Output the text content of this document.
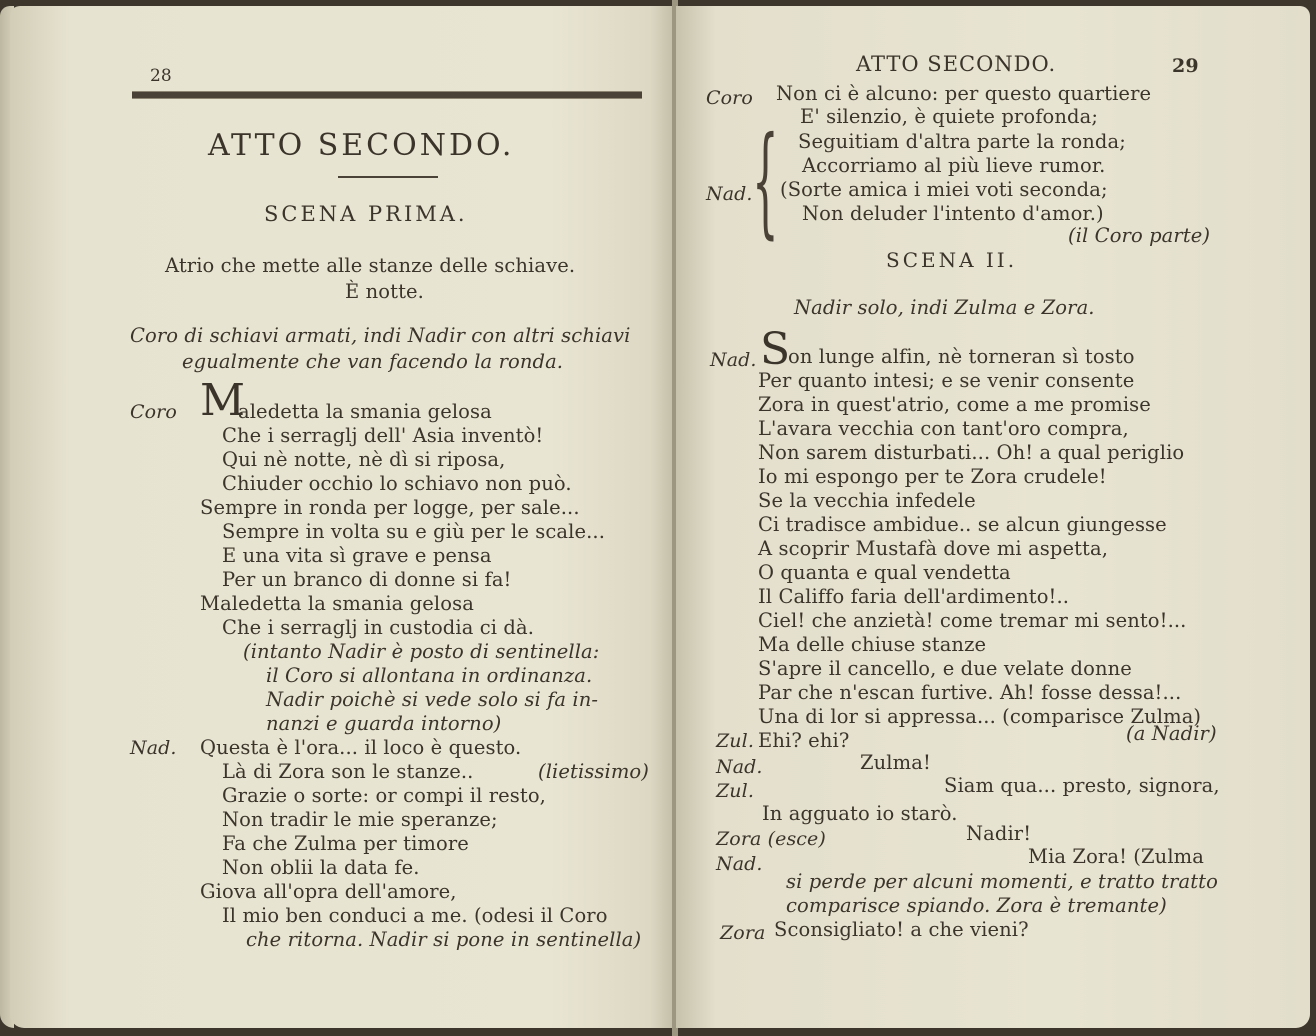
28
ATTO SECONDO.
SCENA PRIMA.
Atrio che mette alle stanze delle schiave.
È notte.
Coro di schiavi armati, indi Nadir con altri schiavi
egualmente che van facendo la ronda.
Coro M
aledetta la smania gelosa
Che i serraglj dell' Asia inventò!
Qui nè notte, nè dì si riposa,
Chiuder occhio lo schiavo non può.
Sempre in ronda per logge, per sale...
Sempre in volta su e giù per le scale...
E una vita sì grave e pensa
Per un branco di donne si fa!
Maledetta la smania gelosa
Che i serraglj in custodia ci dà.
(intanto Nadir è posto di sentinella:
il Coro si allontana in ordinanza.
Nadir poichè si vede solo si fa in-
nanzi e guarda intorno)
Nad. Questa è l'ora... il loco è questo.
Là di Zora son le stanze..	(lietissimo)
Grazie o sorte: or compi il resto,
Non tradir le mie speranze;
Fa che Zulma per timore
Non oblii la data fe.
Giova all'opra dell'amore,
Il mio ben conduci a me. (odesi il Coro
che ritorna. Nadir si pone in sentinella)
ATTO SECONDO.	29
Coro Non ci è alcuno: per questo quartiere
E' silenzio, è quiete profonda;
{ Seguitiam d'altra parte la ronda;
Accorriamo al più lieve rumor.
Nad. (Sorte amica i miei voti seconda;
Non deluder l'intento d'amor.)
(il Coro parte)
SCENA II.
Nadir solo, indi Zulma e Zora.
Nad. S
on lunge alfin, nè torneran sì tosto
Per quanto intesi; e se venir consente
Zora in quest'atrio, come a me promise
L'avara vecchia con tant'oro compra,
Non sarem disturbati... Oh! a qual periglio
Io mi espongo per te Zora crudele!
Se la vecchia infedele
Ci tradisce ambidue.. se alcun giungesse
A scoprir Mustafà dove mi aspetta,
O quanta e qual vendetta
Il Califfo faria dell'ardimento!..
Ciel! che anzietà! come tremar mi sento!...
Ma delle chiuse stanze
S'apre il cancello, e due velate donne
Par che n'escan furtive. Ah! fosse dessa!...
Una di lor si appressa... (comparisce Zulma)
Zul. Ehi? ehi?	(a Nadir)
Nad.	Zulma!
Zul.	Siam qua... presto, signora,
In agguato io starò.
Zora (esce)	Nadir!
Nad.	Mia Zora! (Zulma
si perde per alcuni momenti, e tratto tratto
comparisce spiando. Zora è tremante)
Zora Sconsigliato! a che vieni?
